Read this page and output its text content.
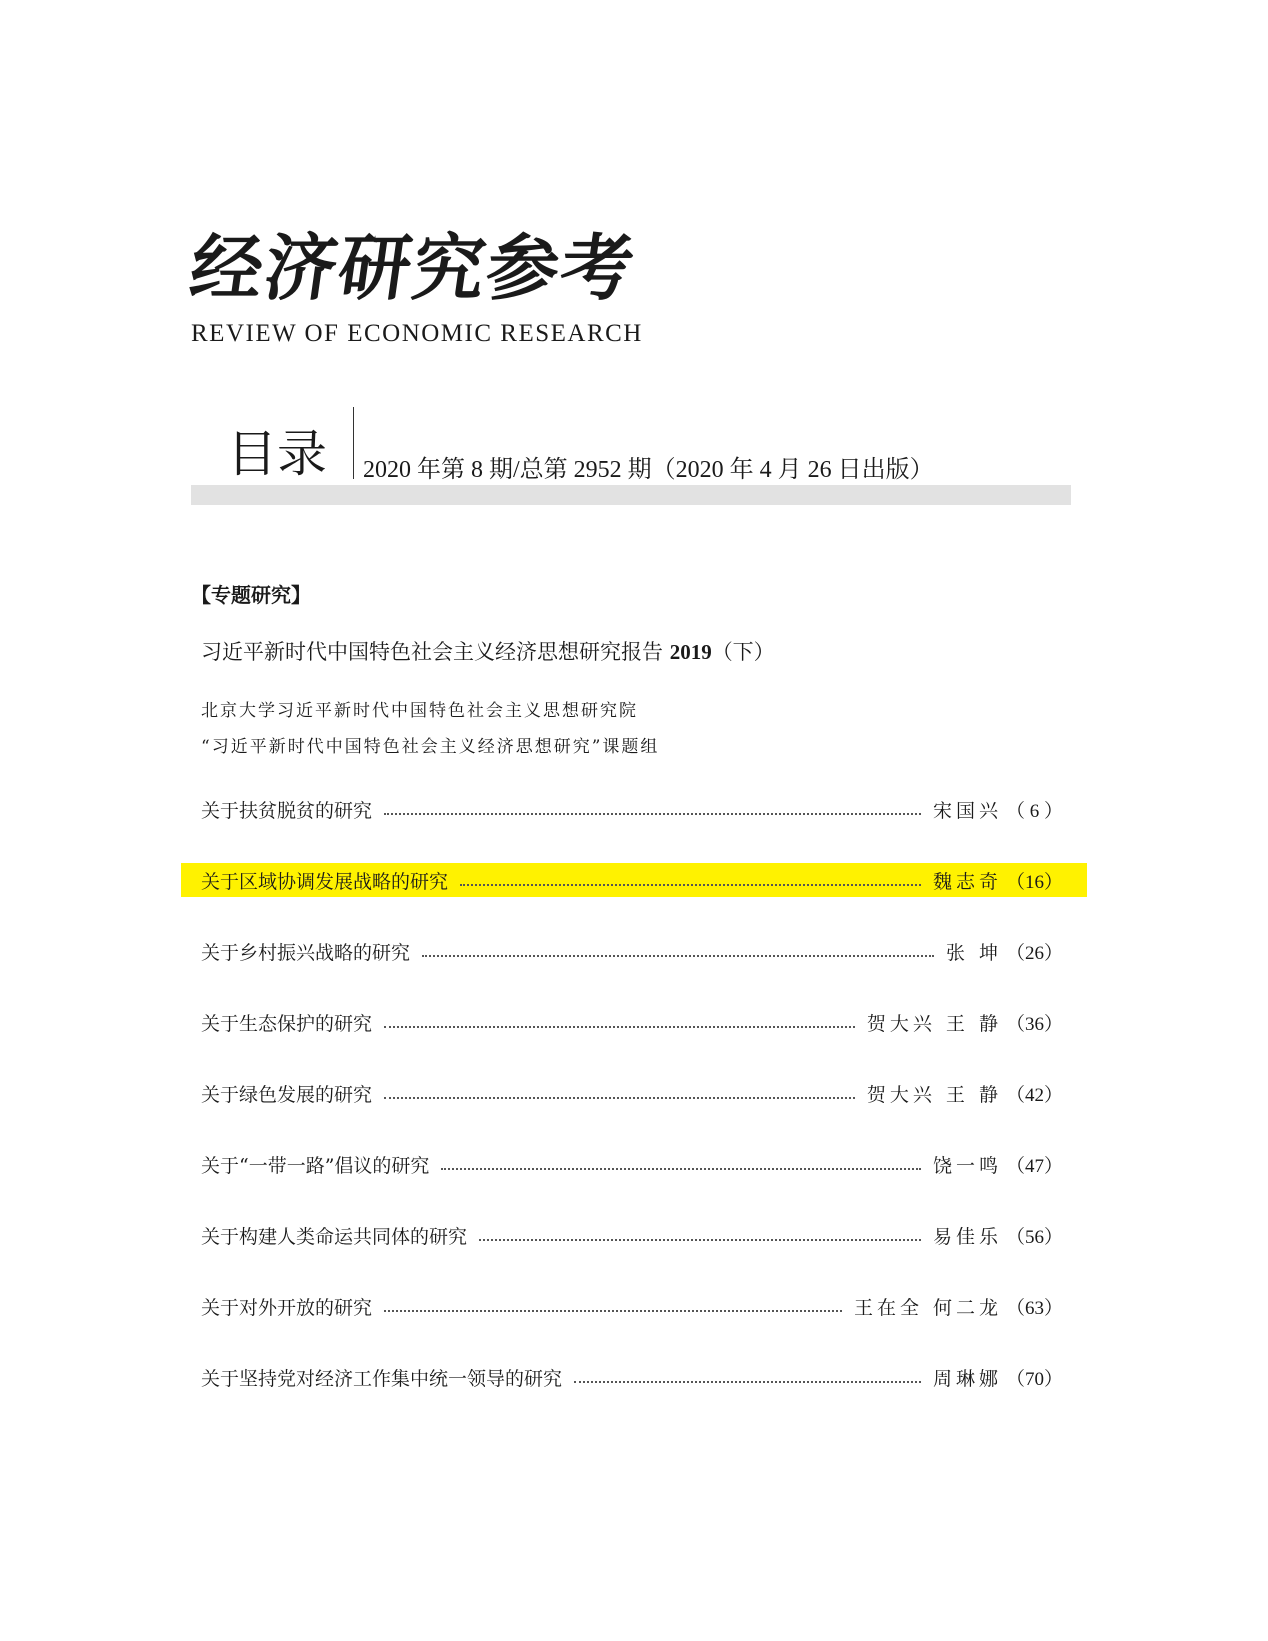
经济研究参考
REVIEW OF ECONOMIC RESEARCH
目录 2020 年第 8 期/总第 2952 期（2020 年 4 月 26 日出版）
【专题研究】
习近平新时代中国特色社会主义经济思想研究报告 2019（下）
北京大学习近平新时代中国特色社会主义思想研究院
“习近平新时代中国特色社会主义经济思想研究”课题组
关于扶贫脱贫的研究	宋国兴 （ 6 ）
关于区域协调发展战略的研究	魏志奇 （16）
关于乡村振兴战略的研究	张 坤 （26）
关于生态保护的研究	贺大兴 王 静 （36）
关于绿色发展的研究	贺大兴 王 静 （42）
关于“一带一路”倡议的研究	饶一鸣 （47）
关于构建人类命运共同体的研究	易佳乐 （56）
关于对外开放的研究	王在全 何二龙 （63）
关于坚持党对经济工作集中统一领导的研究	周琳娜 （70）
